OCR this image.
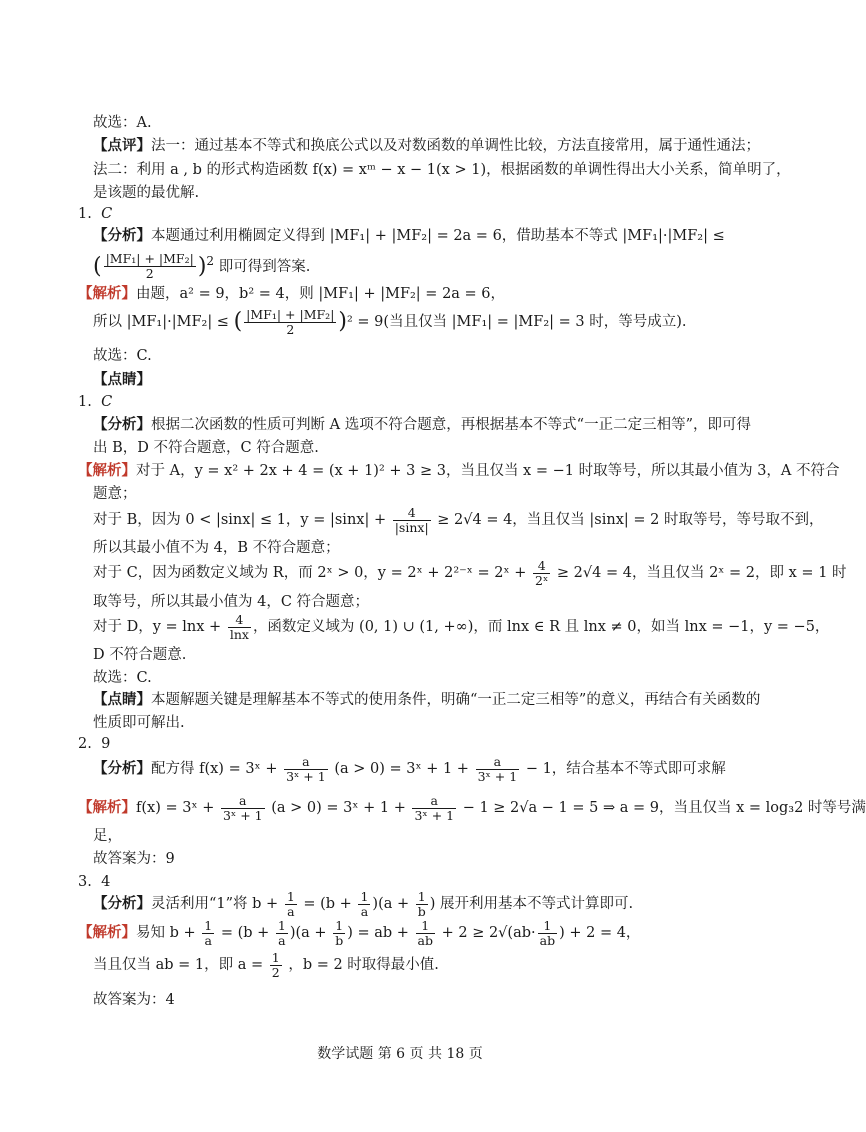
故选：A.
【点评】法一：通过基本不等式和换底公式以及对数函数的单调性比较，方法直接常用，属于通性通法；
法二：利用 a , b 的形式构造函数 f(x) = xᵐ − x − 1(x > 1)，根据函数的单调性得出大小关系，简单明了，
是该题的最优解.
1. C
【分析】本题通过利用椭圆定义得到 |MF₁| + |MF₂| = 2a = 6，借助基本不等式 |MF₁|·|MF₂| ≤
( $\frac{\text{|MF₁| + |MF₂|}}{2} )^2$ 即可得到答案.
【解析】由题，a² = 9，b² = 4，则 |MF₁| + |MF₂| = 2a = 6，
所以 |MF₁|·|MF₂| ≤ ( $\frac{\text{|MF₁| + |MF₂|}}{2} )^2 = 9$(当且仅当 |MF₁| = |MF₂| = 3 时，等号成立).
故选：C.
【点睛】
1. C
【分析】根据二次函数的性质可判断 A 选项不符合题意，再根据基本不等式“一正二定三相等”，即可得
出 B，D 不符合题意，C 符合题意.
【解析】对于 A，y = x² + 2x + 4 = (x + 1)² + 3 ≥ 3，当且仅当 x = −1 时取等号，所以其最小值为 3，A 不符合
题意；
对于 B，因为 0 < |sinx| ≤ 1，$y = |\sin x| + \frac{4}{|\sin x|} \ge 2√4 = 4$，当且仅当 |sinx| = 2 时取等号，等号取不到，
所以其最小值不为 4，B 不符合题意；
对于 C，因为函数定义域为 R，而 2ˣ > 0，y = 2ˣ + 2²⁻ˣ = 2ˣ + $\frac{4}{\text{2ˣ}} \ge 2√4 = 4$，当且仅当 2ˣ = 2，即 x = 1 时
取等号，所以其最小值为 4，C 符合题意；
对于 D，$y = \ln x + \frac{4}{\ln x}$ ，函数定义域为 (0, 1) ∪ (1, +∞)，而 lnx ∈ R 且 lnx ≠ 0，如当 lnx = −1，y = −5，
D 不符合题意.
故选：C.
【点睛】本题解题关键是理解基本不等式的使用条件，明确“一正二定三相等”的意义，再结合有关函数的
性质即可解出.
2. 9
【分析】配方得 f(x) = 3ˣ + $\frac{a}{\text{3ˣ + 1}} (a > 0)$ = 3ˣ + $1 + \frac{a}{\text{3ˣ + 1}} - 1$，结合基本不等式即可求解
【解析】f(x) = 3ˣ + $\frac{a}{\text{3ˣ + 1}} (a > 0)$ = 3ˣ + $1 + \frac{a}{\text{3ˣ + 1}} - 1 \ge 2√a - 1 = 5$ ⇒ a = 9，当且仅当 x = log₃2 时等号满
足，
故答案为：9
3. 4
【分析】灵活利用“1”将 $b + \frac{1}{a} = (b + \frac{1}{a} )(a + \frac{1}{b}$ ) 展开利用基本不等式计算即可.
【解析】易知 $b + \frac{1}{a} = (b + \frac{1}{a} )(a + \frac{1}{b}$ ) = ab + $\frac{1}{ab} + 2 \ge 2√(ab\cdot \frac{1}{ab}$ ) + 2 = 4，
当且仅当 ab = 1，即 $a = \frac{1}{2}$ ，b = 2 时取得最小值.
故答案为：4
数学试题 第 6 页 共 18 页
